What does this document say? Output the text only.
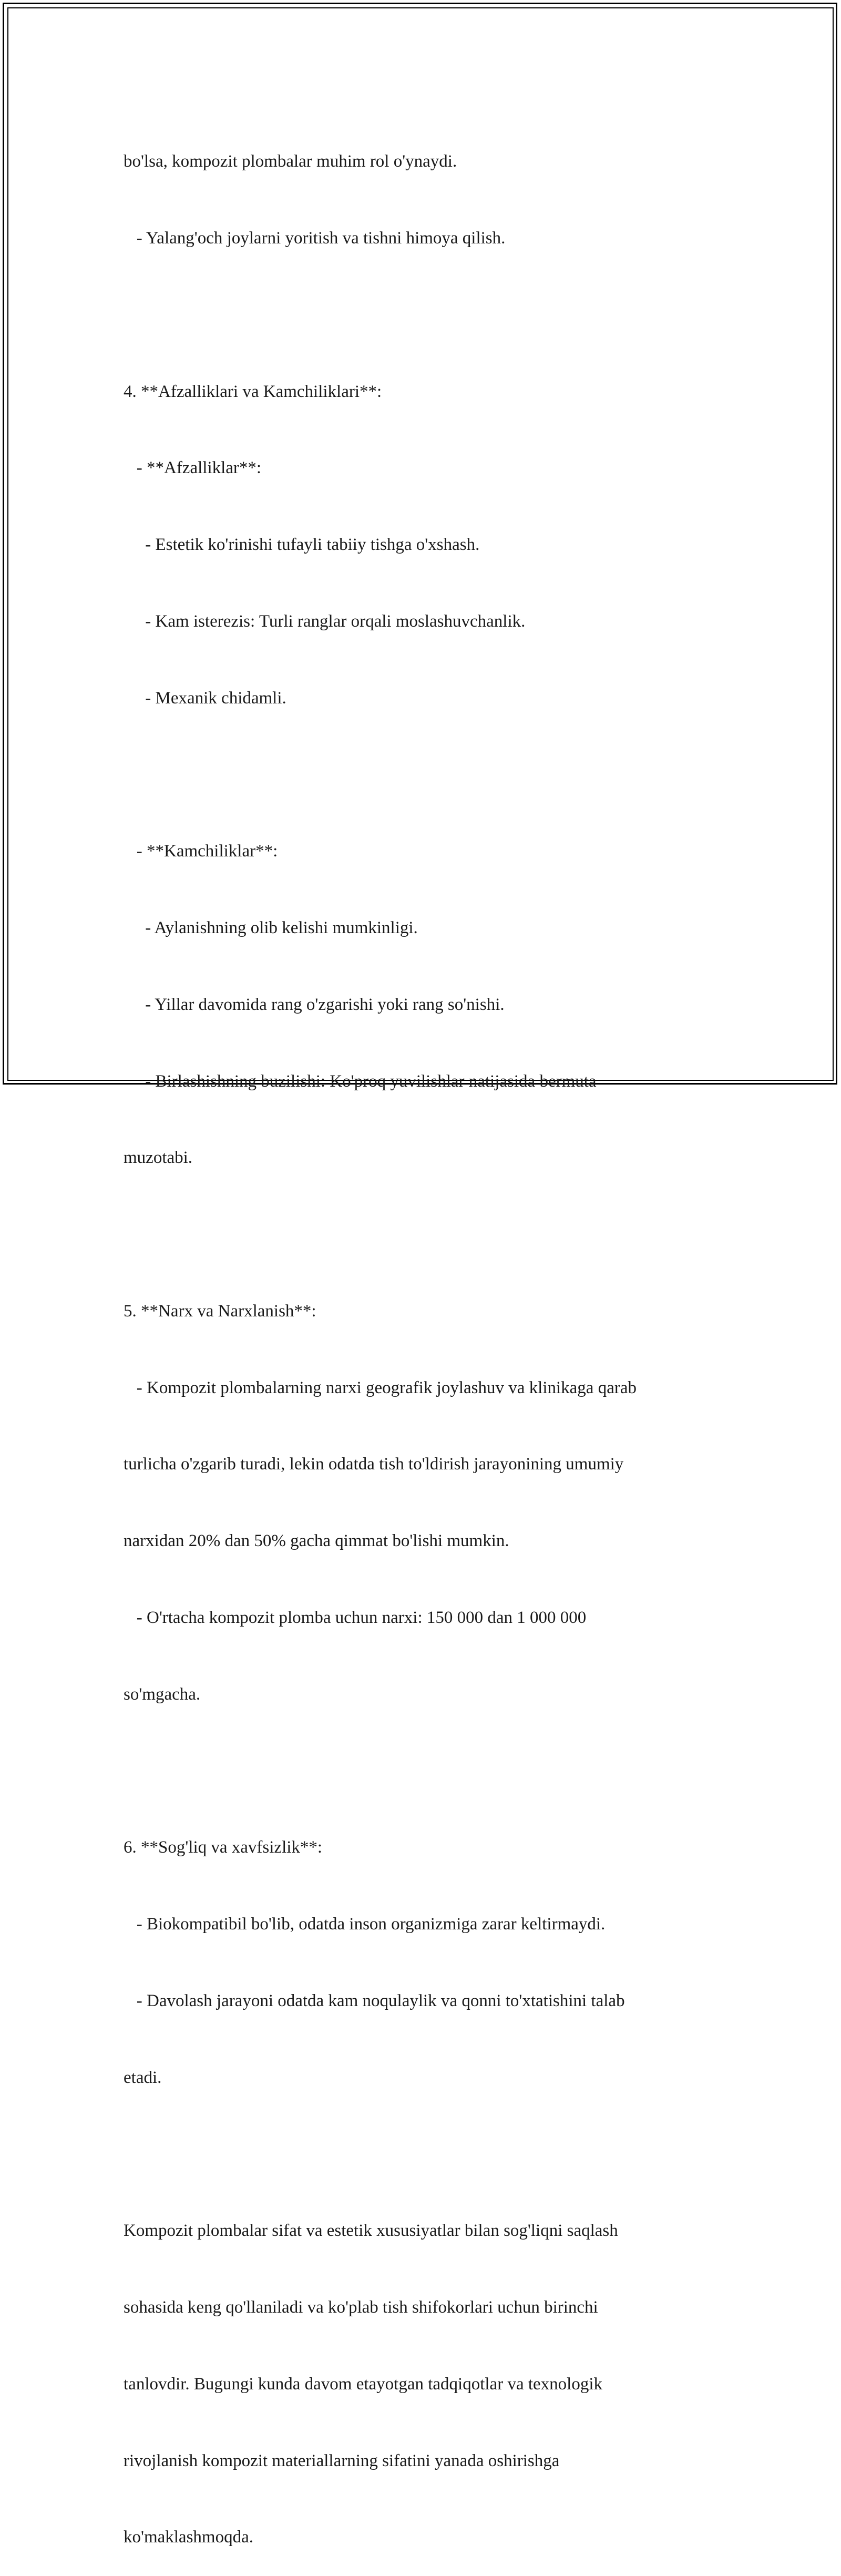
bo'lsa, kompozit plombalar muhim rol o'ynaydi.

- Yalang'och joylarni yoritish va tishni himoya qilish.

4. **Afzalliklari va Kamchiliklari**:

- **Afzalliklar**:

- Estetik ko'rinishi tufayli tabiiy tishga o'xshash.

- Kam isterezis: Turli ranglar orqali moslashuvchanlik.

- Mexanik chidamli.

- **Kamchiliklar**:

- Aylanishning olib kelishi mumkinligi.

- Yillar davomida rang o'zgarishi yoki rang so'nishi.

- Birlashishning buzilishi: Ko'proq yuvilishlar natijasida bermuta

muzotabi.

5. **Narx va Narxlanish**:

- Kompozit plombalarning narxi geografik joylashuv va klinikaga qarab

turlicha o'zgarib turadi, lekin odatda tish to'ldirish jarayonining umumiy

narxidan 20% dan 50% gacha qimmat bo'lishi mumkin.

- O'rtacha kompozit plomba uchun narxi: 150 000 dan 1 000 000

so'mgacha.

6. **Sog'liq va xavfsizlik**:

- Biokompatibil bo'lib, odatda inson organizmiga zarar keltirmaydi.

- Davolash jarayoni odatda kam noqulaylik va qonni to'xtatishini talab

etadi.

Kompozit plombalar sifat va estetik xususiyatlar bilan sog'liqni saqlash

sohasida keng qo'llaniladi va ko'plab tish shifokorlari uchun birinchi

tanlovdir. Bugungi kunda davom etayotgan tadqiqotlar va texnologik

rivojlanish kompozit materiallarning sifatini yanada oshirishga

ko'maklashmoqda.
